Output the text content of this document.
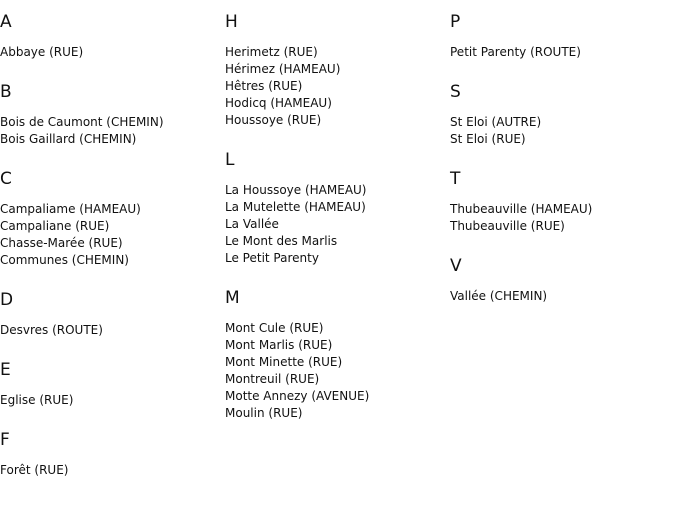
A
Abbaye (RUE)
B
Bois de Caumont (CHEMIN)
Bois Gaillard (CHEMIN)
C
Campaliame (HAMEAU)
Campaliane (RUE)
Chasse-Marée (RUE)
Communes (CHEMIN)
D
Desvres (ROUTE)
E
Eglise (RUE)
F
Forêt (RUE)
H
Herimetz (RUE)
Hérimez (HAMEAU)
Hêtres (RUE)
Hodicq (HAMEAU)
Houssoye (RUE)
L
La Houssoye (HAMEAU)
La Mutelette (HAMEAU)
La Vallée
Le Mont des Marlis
Le Petit Parenty
M
Mont Cule (RUE)
Mont Marlis (RUE)
Mont Minette (RUE)
Montreuil (RUE)
Motte Annezy (AVENUE)
Moulin (RUE)
P
Petit Parenty (ROUTE)
S
St Eloi (AUTRE)
St Eloi (RUE)
T
Thubeauville (HAMEAU)
Thubeauville (RUE)
V
Vallée (CHEMIN)
